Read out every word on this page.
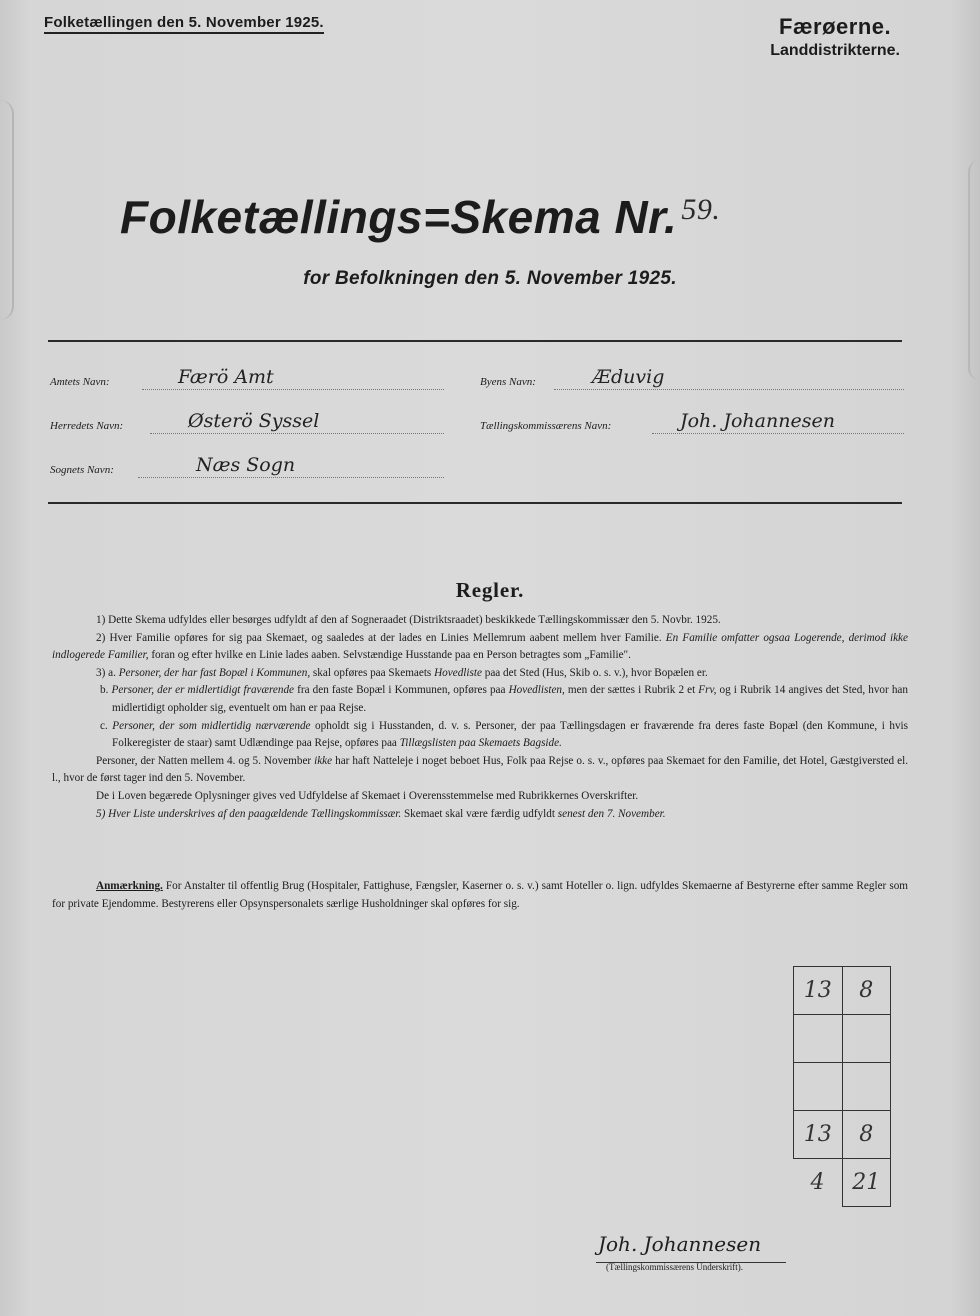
Folketællingen den 5. November 1925.	Færøerne.
Landdistrikterne.
Folketællings=Skema Nr. 59.
for Befolkningen den 5. November 1925.
Amtets Navn:	Færö Amt
Herredets Navn:	Østerö Syssel
Sognets Navn:	Næs Sogn
Byens Navn:	Æduvig
Tællingskommissærens Navn:	Joh. Johannesen
Regler.

1) Dette Skema udfyldes eller besørges udfyldt af den af Sogneraadet (Distriktsraadet) beskikkede Tællingskommissær den 5. Novbr. 1925.

2) Hver Familie opføres for sig paa Skemaet, og saaledes at der lades en Linies Mellemrum aabent mellem hver Familie. En Familie omfatter ogsaa Logerende, derimod ikke indlogerede Familier, foran og efter hvilke en Linie lades aaben. Selvstændige Husstande paa en Person betragtes som „Familie".

3) a. Personer, der har fast Bopæl i Kommunen, skal opføres paa Skemaets Hovedliste paa det Sted (Hus, Skib o. s. v.), hvor Bopælen er.

b. Personer, der er midlertidigt fraværende fra den faste Bopæl i Kommunen, opføres paa Hovedlisten, men der sættes i Rubrik 2 et Frv, og i Rubrik 14 angives det Sted, hvor han midlertidigt opholder sig, eventuelt om han er paa Rejse.

c. Personer, der som midlertidig nærværende opholdt sig i Husstanden, d. v. s. Personer, der paa Tællingsdagen er fraværende fra deres faste Bopæl (den Kommune, i hvis Folkeregister de staar) samt Udlændinge paa Rejse, opføres paa Tillægslisten paa Skemaets Bagside.

Personer, der Natten mellem 4. og 5. November ikke har haft Natteleje i noget beboet Hus, Folk paa Rejse o. s. v., opføres paa Skemaet for den Familie, det Hotel, Gæstgiversted el. l., hvor de først tager ind den 5. November.

De i Loven begærede Oplysninger gives ved Udfyldelse af Skemaet i Overensstemmelse med Rubrikkernes Overskrifter.

5) Hver Liste underskrives af den paagældende Tællingskommissær. Skemaet skal være færdig udfyldt senest den 7. November.

Anmærkning. For Anstalter til offentlig Brug (Hospitaler, Fattighuse, Fængsler, Kaserner o. s. v.) samt Hoteller o. lign. udfyldes Skemaerne af Bestyrerne efter samme Regler som for private Ejendomme. Bestyrerens eller Opsynspersonalets særlige Husholdninger skal opføres for sig.

13	8

13	8
4	21
Joh. Johannesen
(Tællingskommissærens Underskrift).
